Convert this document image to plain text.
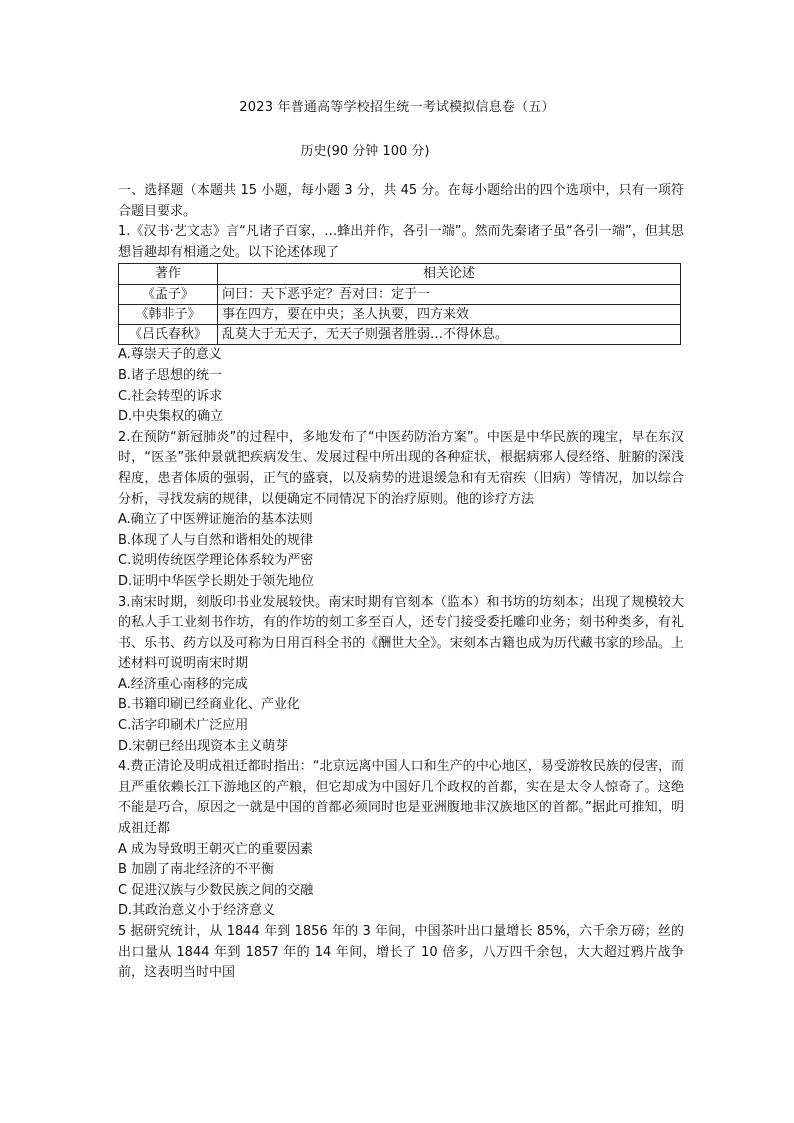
2023 年普通高等学校招生统一考试模拟信息卷（五）
历史(90 分钟 100 分)

一、选择题（本题共 15 小题，每小题 3 分，共 45 分。在每小题给出的四个选项中，只有一项符合题目要求。

1.《汉书·艺文志》言“凡诸子百家，…蜂出并作，各引一端”。然而先秦诸子虽“各引一端”，但其思想旨趣却有相通之处。以下论述体现了

著作	相关论述
《孟子》	问曰：天下恶乎定？吾对曰：定于一
《韩非子》	事在四方，要在中央；圣人执要，四方来效
《吕氏春秋》	乱莫大于无天子，无天子则强者胜弱…不得休息。

A.尊崇天子的意义

B.诸子思想的统一

C.社会转型的诉求

D.中央集权的确立

2.在预防“新冠肺炎”的过程中，多地发布了“中医药防治方案”。中医是中华民族的瑰宝，早在东汉时，“医圣”张仲景就把疾病发生、发展过程中所出现的各种症状，根据病邪人侵经络、脏腑的深浅程度，患者体质的强弱，正气的盛衰，以及病势的进退缓急和有无宿疾（旧病）等情况，加以综合分析，寻找发病的规律，以便确定不同情况下的治疗原则。他的诊疗方法

A.确立了中医辨证施治的基本法则

B.体现了人与自然和谐相处的规律

C.说明传统医学理论体系较为严密

D.证明中华医学长期处于领先地位

3.南宋时期，刻版印书业发展较快。南宋时期有官刻本（监本）和书坊的坊刻本；出现了规模较大的私人手工业刻书作坊，有的作坊的刻工多至百人，还专门接受委托雕印业务；刻书种类多，有礼书、乐书、药方以及可称为日用百科全书的《酬世大全》。宋刻本古籍也成为历代藏书家的珍品。上述材料可说明南宋时期

A.经济重心南移的完成

B.书籍印刷已经商业化、产业化

C.活字印刷术广泛应用

D.宋朝已经出现资本主义萌芽

4.费正清论及明成祖迁都时指出：“北京远离中国人口和生产的中心地区，易受游牧民族的侵害，而且严重依赖长江下游地区的产粮，但它却成为中国好几个政权的首都，实在是太令人惊奇了。这绝不能是巧合，原因之一就是中国的首都必须同时也是亚洲腹地非汉族地区的首都。”据此可推知，明成祖迁都

A 成为导致明王朝灭亡的重要因素

B 加剧了南北经济的不平衡

C 促进汉族与少数民族之间的交融

D.其政治意义小于经济意义

5 据研究统计，从 1844 年到 1856 年的 3 年间，中国茶叶出口量增长 85%，六千余万磅；丝的出口量从 1844 年到 1857 年的 14 年间，增长了 10 倍多，八万四千余包，大大超过鸦片战争前，这表明当时中国
